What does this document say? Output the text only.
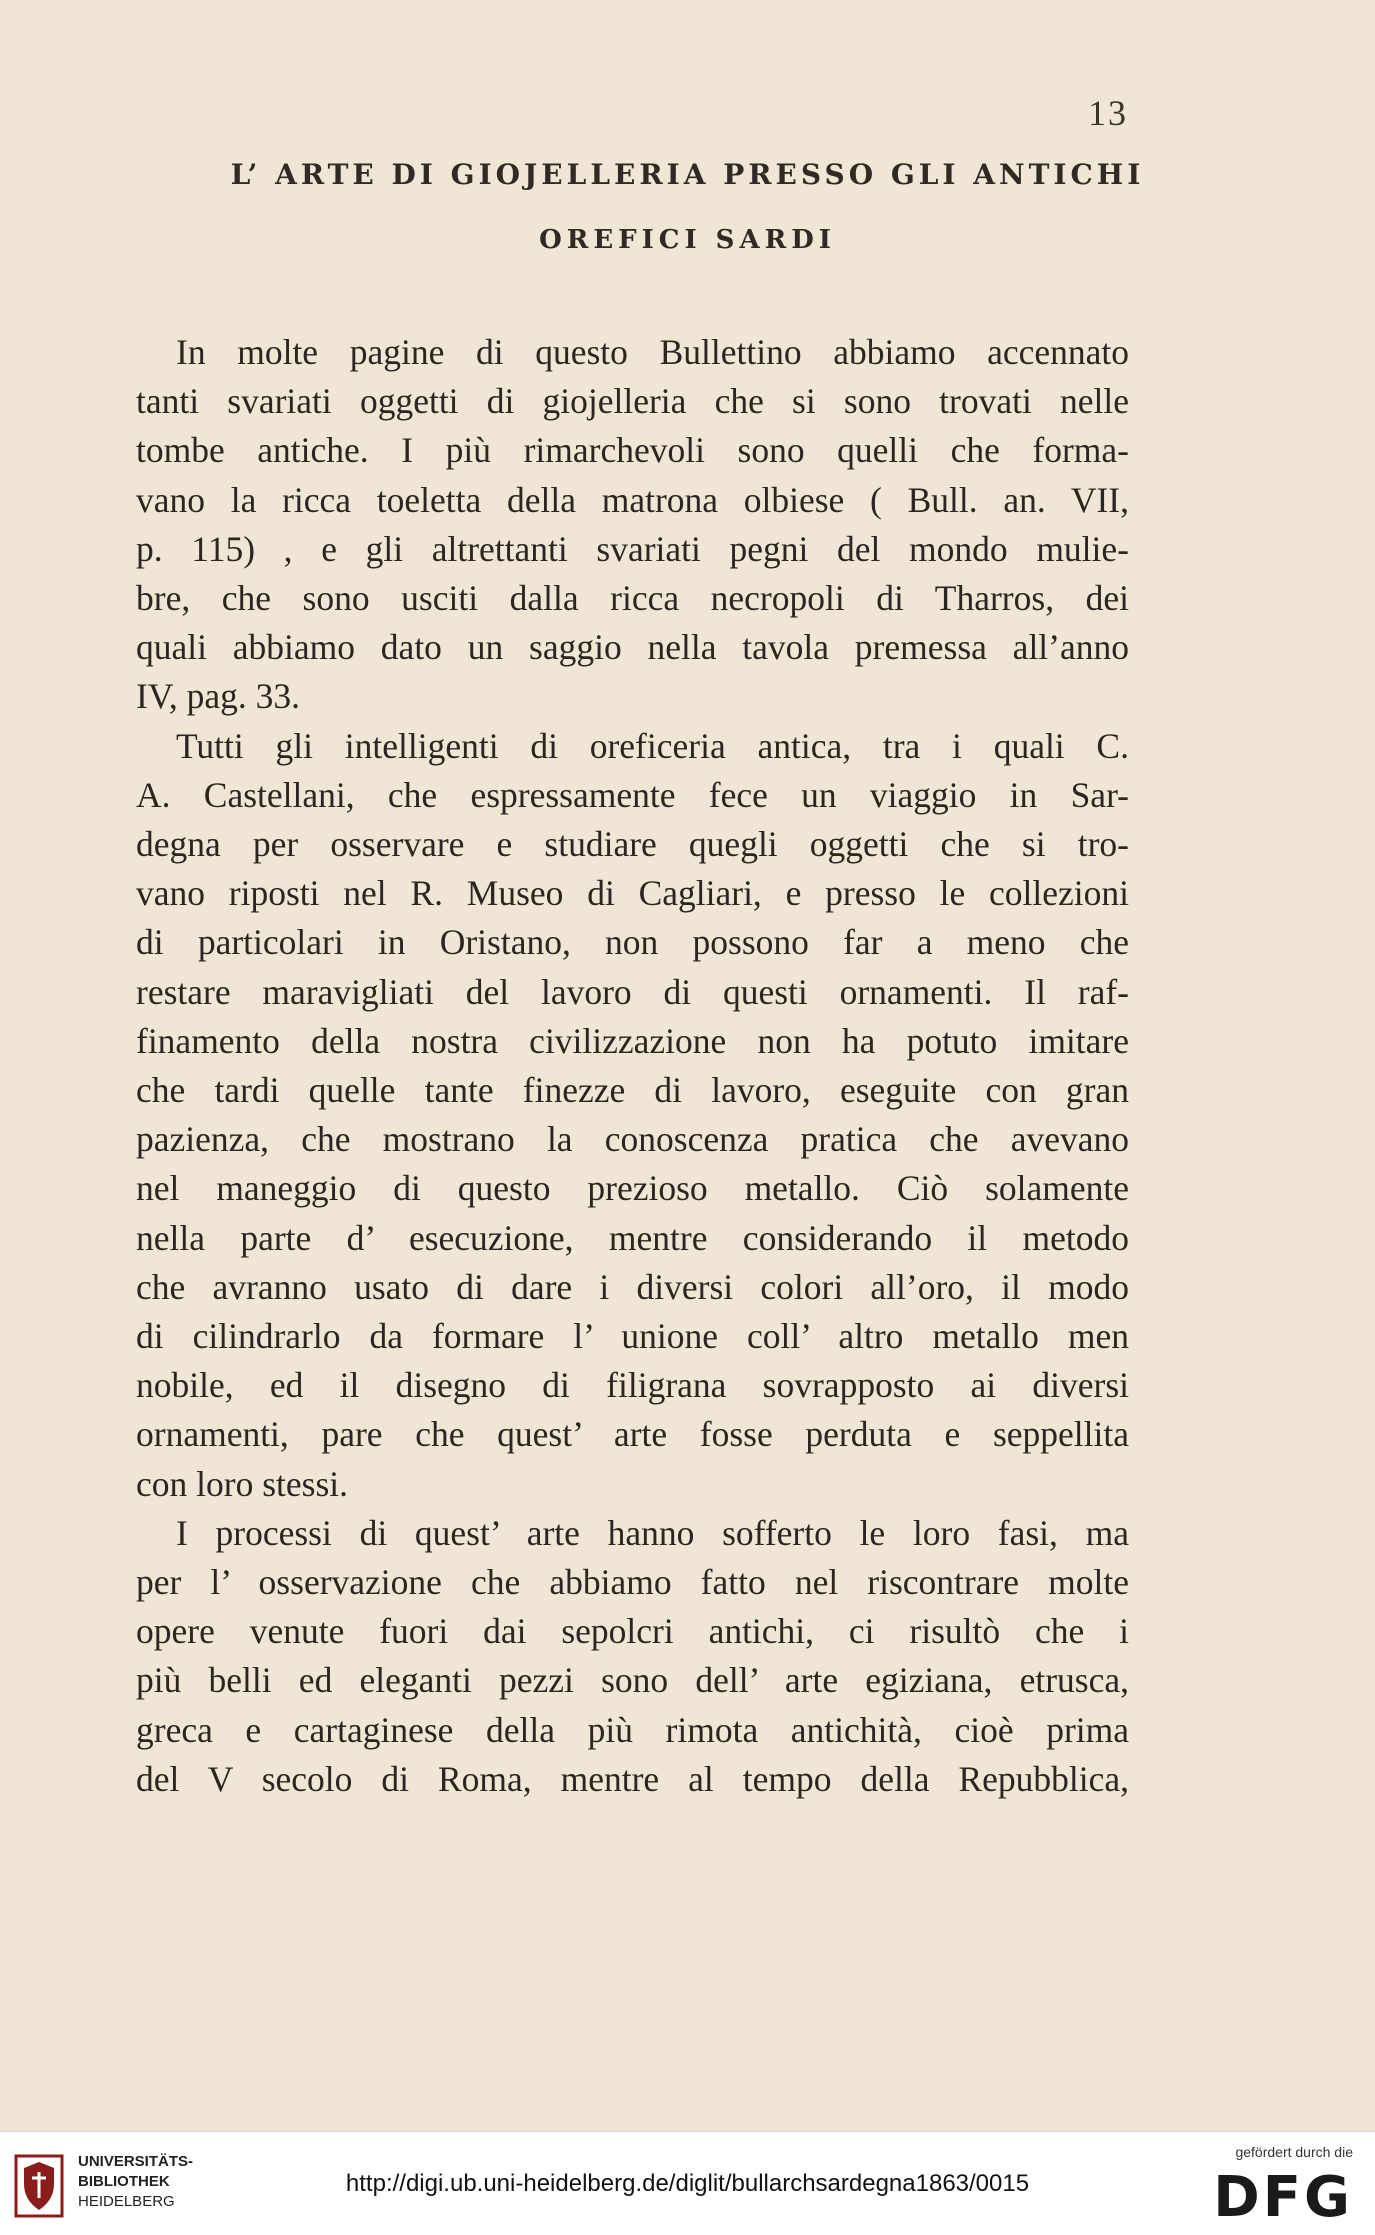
13
L’ ARTE DI GIOJELLERIA PRESSO GLI ANTICHI
OREFICI SARDI

In molte pagine di questo Bullettino abbiamo accennato
tanti svariati oggetti di giojelleria che si sono trovati nelle
tombe antiche. I più rimarchevoli sono quelli che forma-
vano la ricca toeletta della matrona olbiese ( Bull. an. VII,
p. 115) , e gli altrettanti svariati pegni del mondo mulie-
bre, che sono usciti dalla ricca necropoli di Tharros, dei
quali abbiamo dato un saggio nella tavola premessa all’anno
IV, pag. 33.

Tutti gli intelligenti di oreficeria antica, tra i quali C.
A. Castellani, che espressamente fece un viaggio in Sar-
degna per osservare e studiare quegli oggetti che si tro-
vano riposti nel R. Museo di Cagliari, e presso le collezioni
di particolari in Oristano, non possono far a meno che
restare maravigliati del lavoro di questi ornamenti. Il raf-
finamento della nostra civilizzazione non ha potuto imitare
che tardi quelle tante finezze di lavoro, eseguite con gran
pazienza, che mostrano la conoscenza pratica che avevano
nel maneggio di questo prezioso metallo. Ciò solamente
nella parte d’ esecuzione, mentre considerando il metodo
che avranno usato di dare i diversi colori all’oro, il modo
di cilindrarlo da formare l’ unione coll’ altro metallo men
nobile, ed il disegno di filigrana sovrapposto ai diversi
ornamenti, pare che quest’ arte fosse perduta e seppellita
con loro stessi.

I processi di quest’ arte hanno sofferto le loro fasi, ma
per l’ osservazione che abbiamo fatto nel riscontrare molte
opere venute fuori dai sepolcri antichi, ci risultò che i
più belli ed eleganti pezzi sono dell’ arte egiziana, etrusca,
greca e cartaginese della più rimota antichità, cioè prima
del V secolo di Roma, mentre al tempo della Repubblica,

UNIVERSITÄTS-
BIBLIOTHEK
HEIDELBERG
http://digi.ub.uni-heidelberg.de/diglit/bullarchsardegna1863/0015
gefördert durch die
DFG
